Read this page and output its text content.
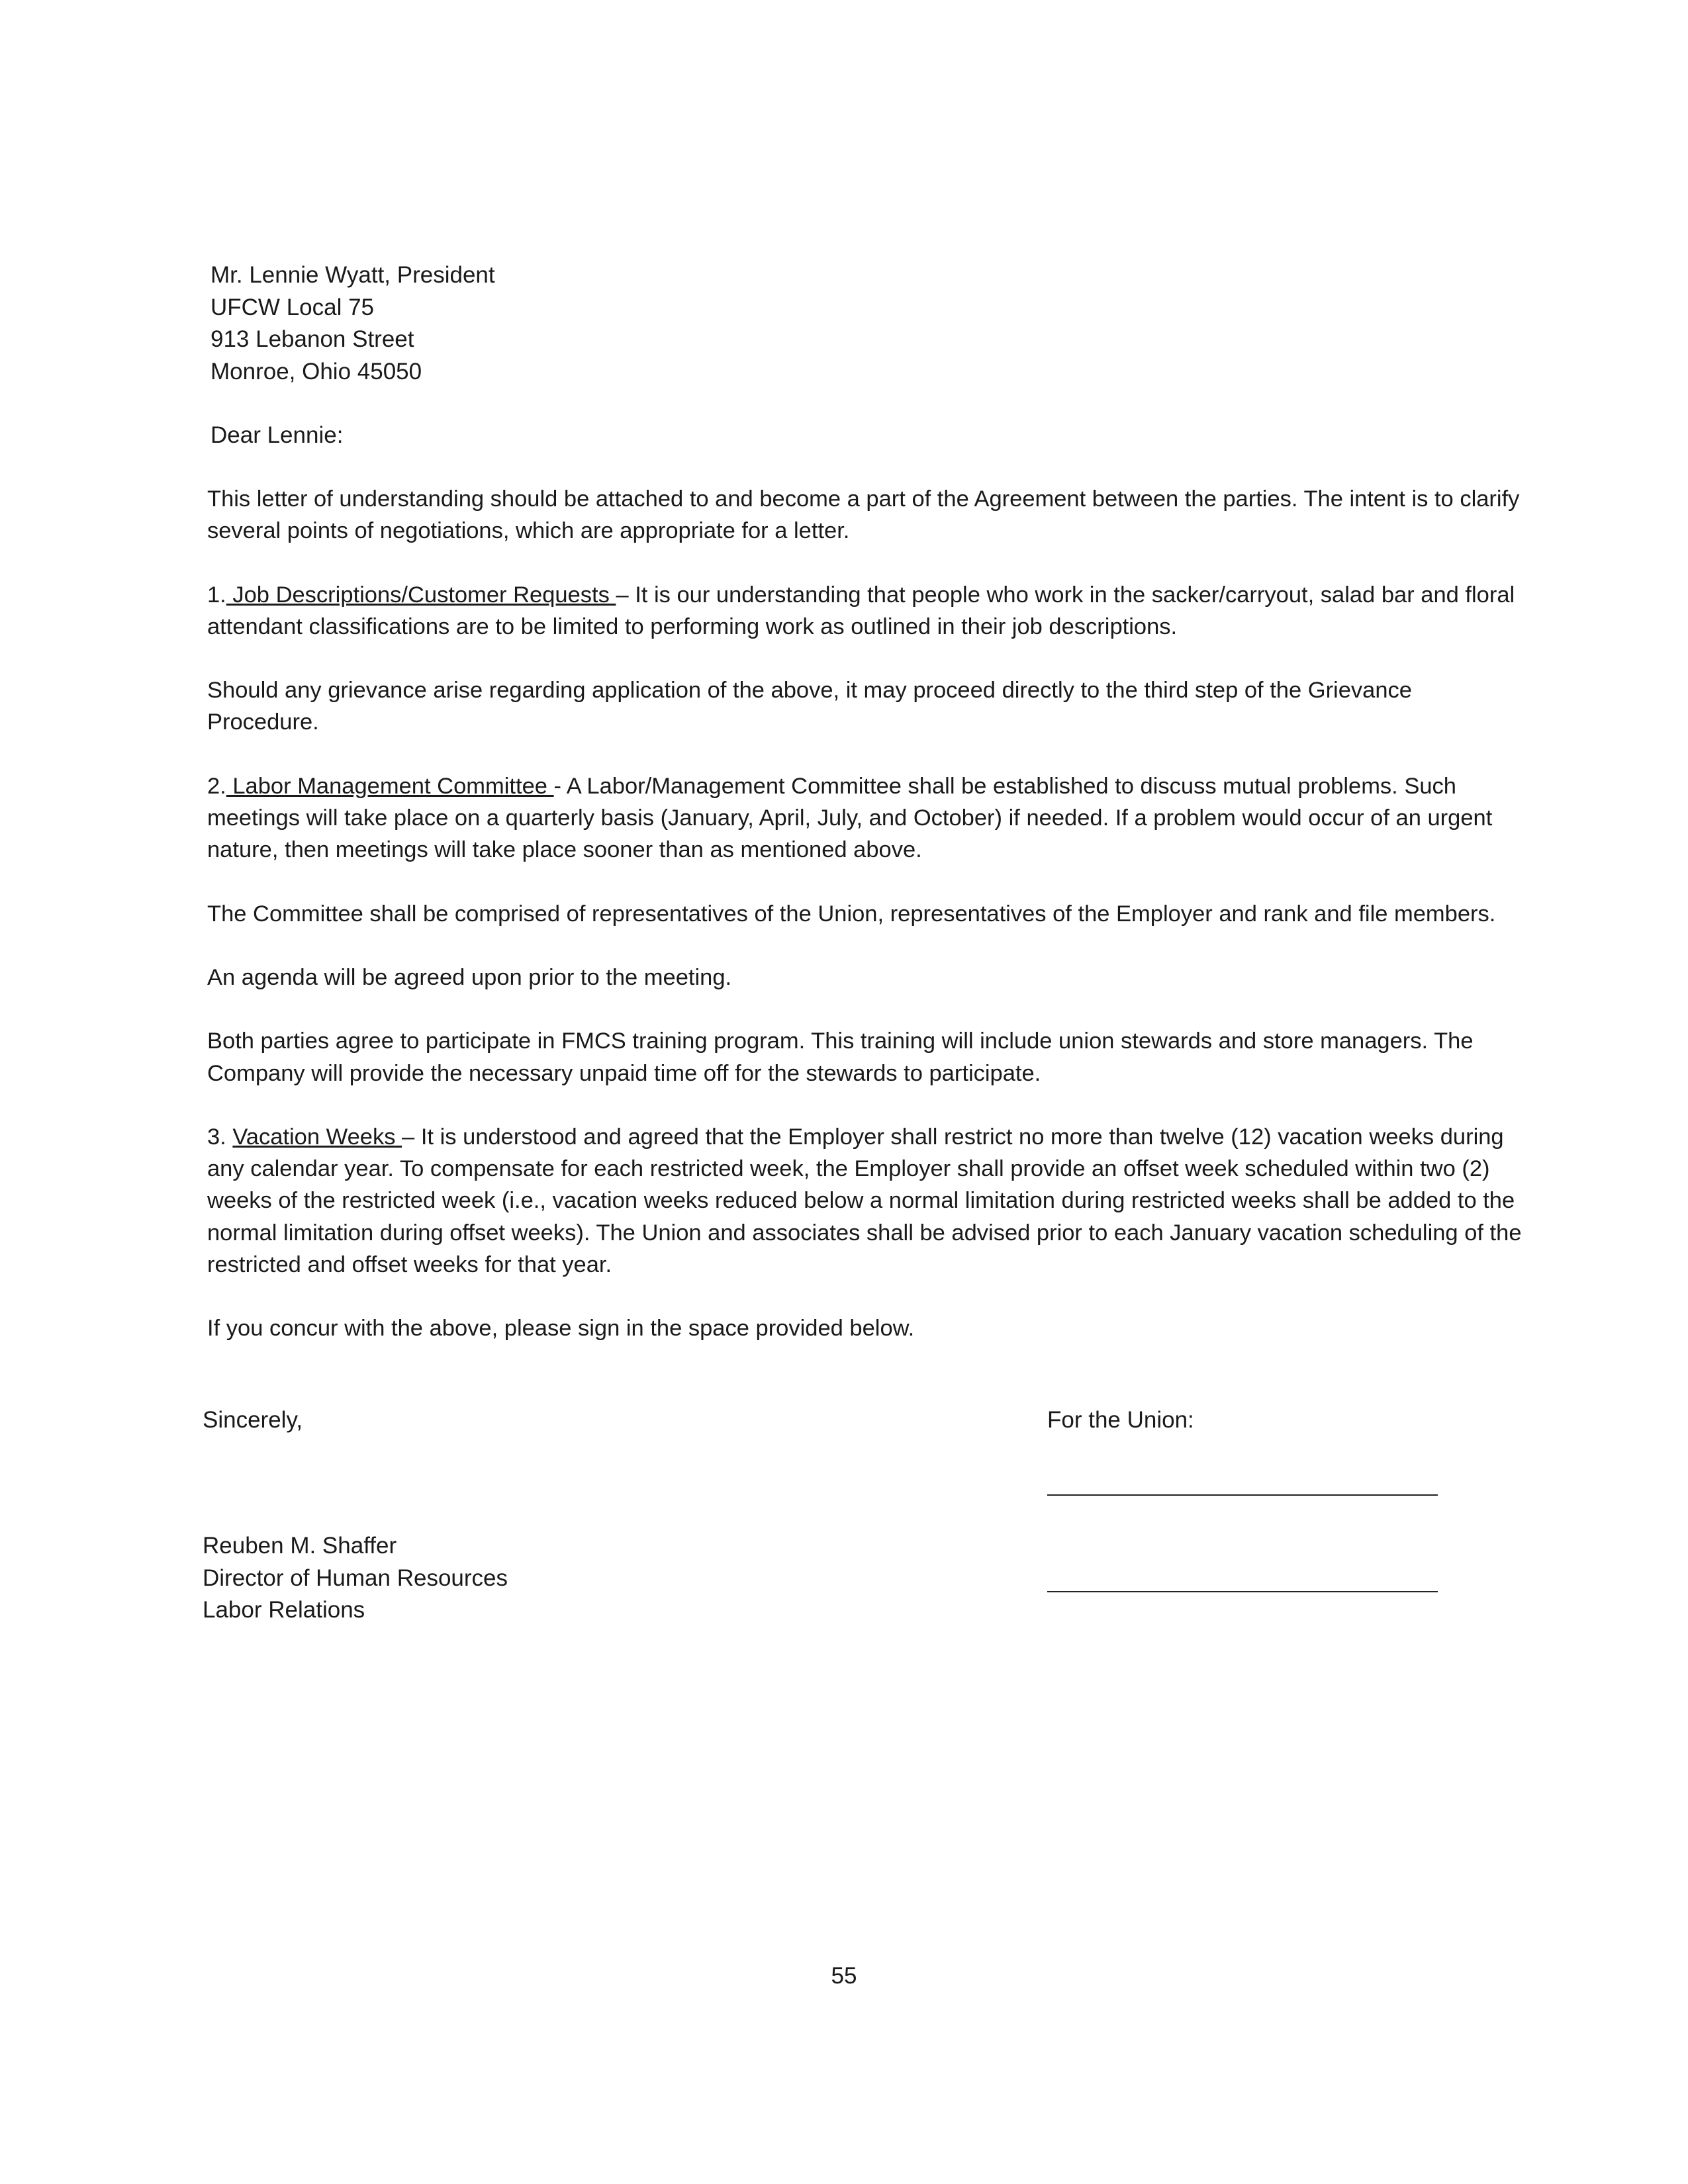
Mr. Lennie Wyatt, President
UFCW Local 75
913 Lebanon Street
Monroe, Ohio 45050
Dear Lennie:

This letter of understanding should be attached to and become a part of the Agreement between the parties. The intent is to clarify several points of negotiations, which are appropriate for a letter.

1. Job Descriptions/Customer Requests – It is our understanding that people who work in the sacker/carryout, salad bar and floral attendant classifications are to be limited to performing work as outlined in their job descriptions.

Should any grievance arise regarding application of the above, it may proceed directly to the third step of the Grievance Procedure.

2. Labor Management Committee - A Labor/Management Committee shall be established to discuss mutual problems. Such meetings will take place on a quarterly basis (January, April, July, and October) if needed. If a problem would occur of an urgent nature, then meetings will take place sooner than as mentioned above.

The Committee shall be comprised of representatives of the Union, representatives of the Employer and rank and file members.

An agenda will be agreed upon prior to the meeting.

Both parties agree to participate in FMCS training program. This training will include union stewards and store managers. The Company will provide the necessary unpaid time off for the stewards to participate.

3. Vacation Weeks – It is understood and agreed that the Employer shall restrict no more than twelve (12) vacation weeks during any calendar year. To compensate for each restricted week, the Employer shall provide an offset week scheduled within two (2) weeks of the restricted week (i.e., vacation weeks reduced below a normal limitation during restricted weeks shall be added to the normal limitation during offset weeks). The Union and associates shall be advised prior to each January vacation scheduling of the restricted and offset weeks for that year.

If you concur with the above, please sign in the space provided below.

Sincerely,	For the Union:
Reuben M. Shaffer
Director of Human Resources
Labor Relations
55
